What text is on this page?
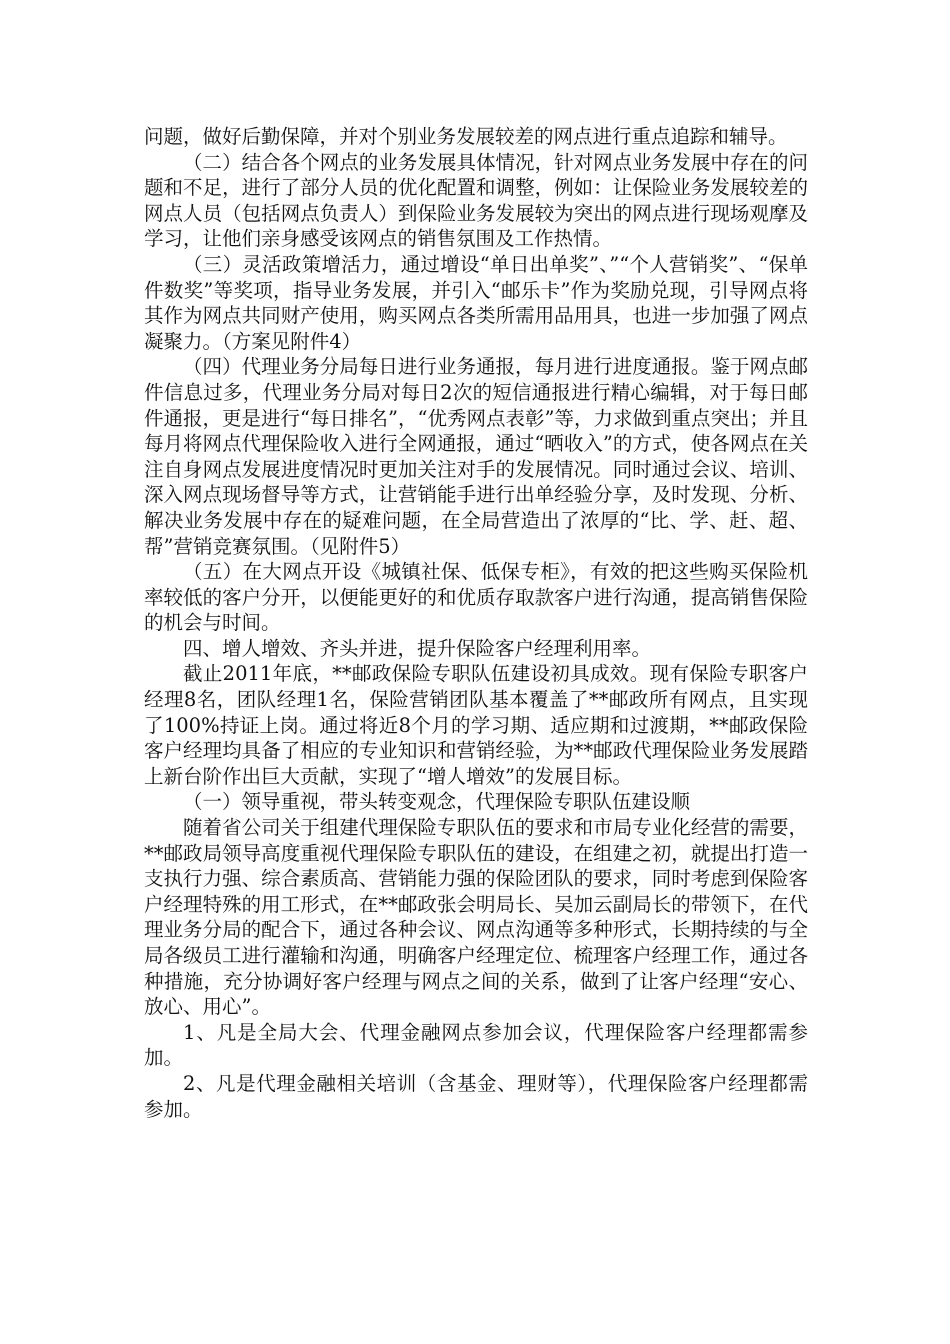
问题，做好后勤保障，并对个别业务发展较差的网点进行重点追踪和辅导。

（二）结合各个网点的业务发展具体情况，针对网点业务发展中存在的问题和不足，进行了部分人员的优化配置和调整，例如：让保险业务发展较差的网点人员（包括网点负责人）到保险业务发展较为突出的网点进行现场观摩及学习，让他们亲身感受该网点的销售氛围及工作热情。

（三）灵活政策增活力，通过增设“单日出单奖”、”“个人营销奖”、“保单件数奖”等奖项，指导业务发展，并引入“邮乐卡”作为奖励兑现，引导网点将其作为网点共同财产使用，购买网点各类所需用品用具，也进一步加强了网点凝聚力。（方案见附件4）

（四）代理业务分局每日进行业务通报，每月进行进度通报。鉴于网点邮件信息过多，代理业务分局对每日2次的短信通报进行精心编辑，对于每日邮件通报，更是进行“每日排名”，“优秀网点表彰”等，力求做到重点突出；并且每月将网点代理保险收入进行全网通报，通过“晒收入”的方式，使各网点在关注自身网点发展进度情况时更加关注对手的发展情况。同时通过会议、培训、深入网点现场督导等方式，让营销能手进行出单经验分享，及时发现、分析、解决业务发展中存在的疑难问题，在全局营造出了浓厚的“比、学、赶、超、帮”营销竞赛氛围。（见附件5）

（五）在大网点开设《城镇社保、低保专柜》，有效的把这些购买保险机率较低的客户分开，以便能更好的和优质存取款客户进行沟通，提高销售保险的机会与时间。

四、增人增效、齐头并进，提升保险客户经理利用率。

截止2011年底，**邮政保险专职队伍建设初具成效。现有保险专职客户经理8名，团队经理1名，保险营销团队基本覆盖了**邮政所有网点，且实现了100%持证上岗。通过将近8个月的学习期、适应期和过渡期，**邮政保险客户经理均具备了相应的专业知识和营销经验，为**邮政代理保险业务发展踏上新台阶作出巨大贡献，实现了“增人增效”的发展目标。

（一）领导重视，带头转变观念，代理保险专职队伍建设顺

随着省公司关于组建代理保险专职队伍的要求和市局专业化经营的需要，**邮政局领导高度重视代理保险专职队伍的建设，在组建之初，就提出打造一支执行力强、综合素质高、营销能力强的保险团队的要求，同时考虑到保险客户经理特殊的用工形式，在**邮政张会明局长、吴加云副局长的带领下，在代理业务分局的配合下，通过各种会议、网点沟通等多种形式，长期持续的与全局各级员工进行灌输和沟通，明确客户经理定位、梳理客户经理工作，通过各种措施，充分协调好客户经理与网点之间的关系，做到了让客户经理“安心、放心、用心”。

1、凡是全局大会、代理金融网点参加会议，代理保险客户经理都需参加。

2、凡是代理金融相关培训（含基金、理财等），代理保险客户经理都需参加。
